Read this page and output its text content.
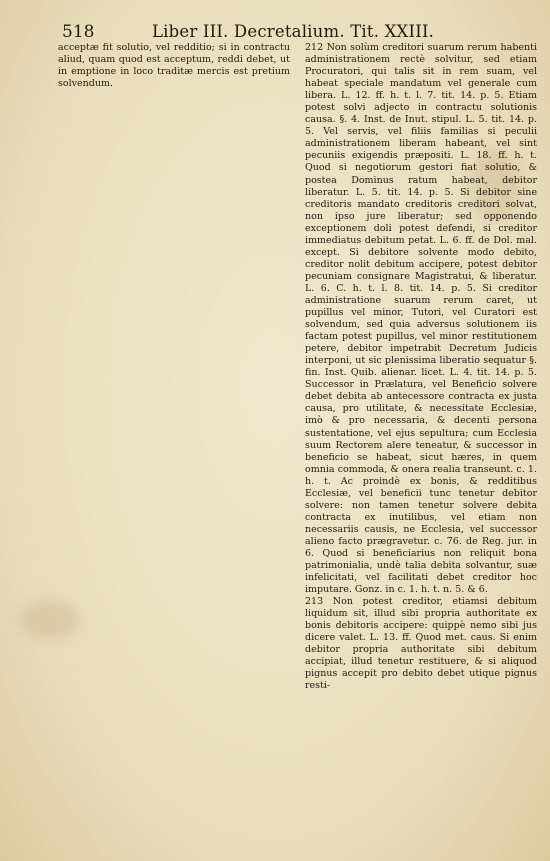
518	Liber III. Decretalium. Tit. XXIII.

acceptæ fit solutio, vel redditio; si in contractu aliud, quam quod est acceptum, reddi debet, ut in emptione in loco traditæ mercis est pretium solvendum.

212 Non solùm creditori suarum rerum habenti administrationem rectè solvitur, sed etiam Procuratori, qui talis sit in rem suam, vel habeat speciale mandatum vel generale cum libera. L. 12. ff. h. t. l. 7. tit. 14. p. 5. Etiam potest solvi adjecto in contractu solutionis causa. §. 4. Inst. de Inut. stipul. L. 5. tit. 14. p. 5. Vel servis, vel filiis familias si peculii administrationem liberam habeant, vel sint pecuniis exigendis præpositi. L. 18. ff. h. t. Quod si negotiorum gestori fiat solutio, & postea Dominus ratum habeat, debitor liberatur. L. 5. tit. 14. p. 5. Si debitor sine creditoris mandato creditoris creditori solvat, non ipso jure liberatur; sed opponendo exceptionem doli potest defendi, si creditor immediatus debitum petat. L. 6. ff. de Dol. mal. except. Si debitore solvente modo debito, creditor nolit debitum accipere, potest debitor pecuniam consignare Magistratui, & liberatur. L. 6. C. h. t. l. 8. tit. 14. p. 5. Si creditor administratione suarum rerum caret, ut pupillus vel minor, Tutori, vel Curatori est solvendum, sed quia adversus solutionem iis factam potest pupillus, vel minor restitutionem petere, debitor impetrabit Decretum Judicis interponi, ut sic plenissima liberatio sequatur §. fin. Inst. Quib. alienar. licet. L. 4. tit. 14. p. 5. Successor in Prælatura, vel Beneficio solvere debet debita ab antecessore contracta ex justa causa, pro utilitate, & necessitate Ecclesiæ, imò & pro necessaria, & decenti persona sustentatione, vel ejus sepultura; cum Ecclesia suum Rectorem alere teneatur, & successor in beneficio se habeat, sicut hæres, in quem omnia commoda, & onera realia transeunt. c. 1. h. t. Ac proindè ex bonis, & redditibus Ecclesiæ, vel beneficii tunc tenetur debitor solvere: non tamen tenetur solvere debita contracta ex inutilibus, vel etiam non necessariis causis, ne Ecclesia, vel successor alieno facto prægravetur. c. 76. de Reg. jur. in 6. Quod si beneficiarius non reliquit bona patrimonialia, undè talia debita solvantur, suæ infelicitati, vel facilitati debet creditor hoc imputare. Gonz. in c. 1. h. t. n. 5. & 6.

213 Non potest creditor, etiamsi debitum liquidum sit, illud sibi propria authoritate ex bonis debitoris accipere: quippè nemo sibi jus dicere valet. L. 13. ff. Quod met. caus. Si enim debitor propria authoritate sibi debitum accipiat, illud tenetur restituere, & si aliquod pignus accepit pro debito debet utique pignus resti-
